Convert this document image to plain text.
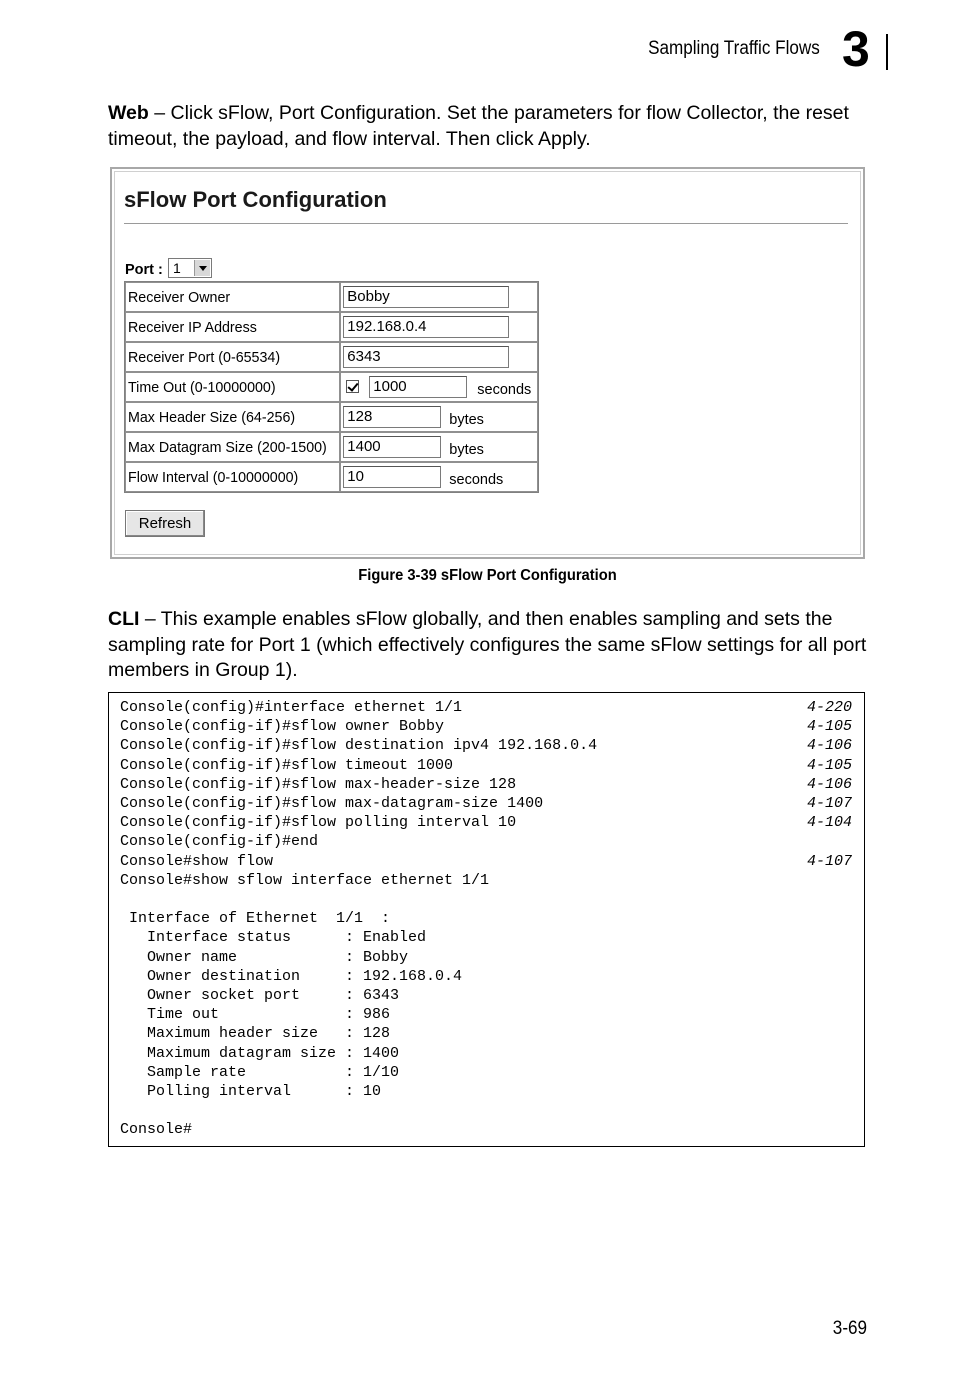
Sampling Traffic Flows 3

Web – Click sFlow, Port Configuration. Set the parameters for flow Collector, the reset timeout, the payload, and flow interval. Then click Apply.

sFlow Port Configuration
Port : 1
Receiver Owner	Bobby
Receiver IP Address	192.168.0.4
Receiver Port (0-65534)	6343
Time Out (0-10000000)	1000 seconds
Max Header Size (64-256)	128 bytes
Max Datagram Size (200-1500)	1400 bytes
Flow Interval (0-10000000)	10 seconds
Refresh
Figure 3-39 sFlow Port Configuration

CLI – This example enables sFlow globally, and then enables sampling and sets the sampling rate for Port 1 (which effectively configures the same sFlow settings for all port members in Group 1).

Console(config)#interface ethernet 1/1	4-220
Console(config-if)#sflow owner Bobby	4-105
Console(config-if)#sflow destination ipv4 192.168.0.4	4-106
Console(config-if)#sflow timeout 1000	4-105
Console(config-if)#sflow max-header-size 128	4-106
Console(config-if)#sflow max-datagram-size 1400	4-107
Console(config-if)#sflow polling interval 10	4-104
Console(config-if)#end
Console#show flow	4-107
Console#show sflow interface ethernet 1/1
Interface of Ethernet  1/1  :
Interface status      : Enabled
Owner name            : Bobby
Owner destination     : 192.168.0.4
Owner socket port     : 6343
Time out              : 986
Maximum header size   : 128
Maximum datagram size : 1400
Sample rate           : 1/10
Polling interval      : 10
Console#
3-69
